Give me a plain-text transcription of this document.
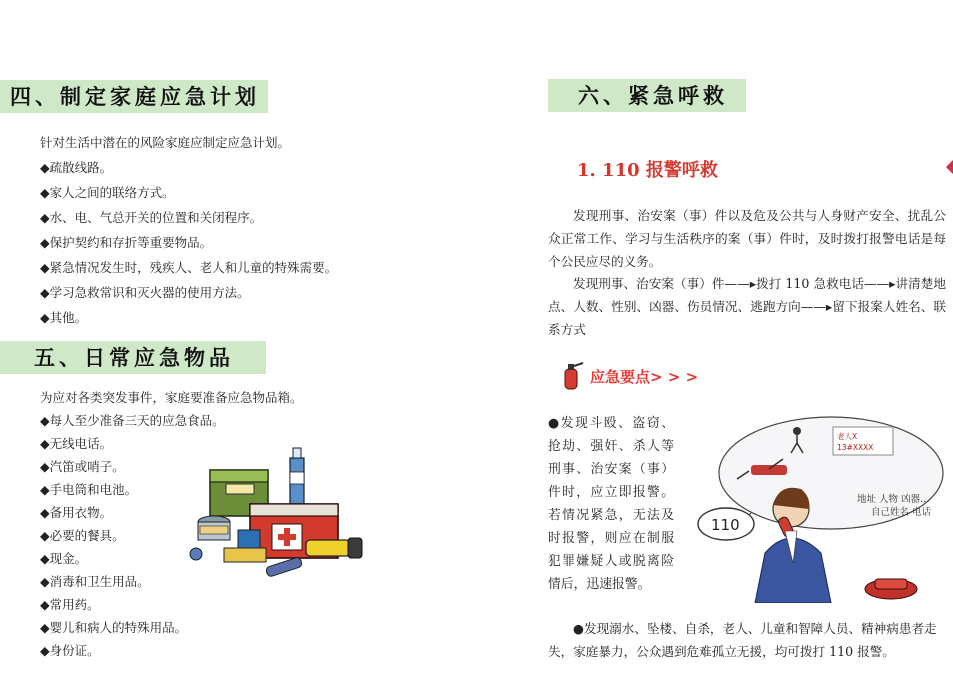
四、制定家庭应急计划
针对生活中潜在的风险家庭应制定应急计划。
◆疏散线路。
◆家人之间的联络方式。
◆水、电、气总开关的位置和关闭程序。
◆保护契约和存折等重要物品。
◆紧急情况发生时，残疾人、老人和儿童的特殊需要。
◆学习急救常识和灭火器的使用方法。
◆其他。
五、日常应急物品
为应对各类突发事件，家庭要准备应急物品箱。
◆每人至少准备三天的应急食品。
◆无线电话。
◆汽笛或哨子。
◆手电筒和电池。
◆备用衣物。
◆必要的餐具。
◆现金。
◆消毒和卫生用品。
◆常用药。
◆婴儿和病人的特殊用品。
◆身份证。
六、紧急呼救
1. 110 报警呼救
发现刑事、治安案（事）件以及危及公共与人身财产安全、扰乱公众正常工作、学习与生活秩序的案（事）件时，及时拨打报警电话是每个公民应尽的义务。
发现刑事、治安案（事）件——▸拨打 110 急救电话——▸讲清楚地点、人数、性别、凶器、伤员情况、逃跑方向——▸留下报案人姓名、联系方式
应急要点> > >
●发现斗殴、盗窃、抢劫、强奸、杀人等刑事、治安案（事）件时，应立即报警。若情况紧急，无法及时报警，则应在制服犯罪嫌疑人或脱离险情后，迅速报警。
110
老人X
13#XXXX
地址 人物 凶器…
自己姓名 电话
●发现溺水、坠楼、自杀，老人、儿童和智障人员、精神病患者走失，家庭暴力，公众遇到危难孤立无援，均可拨打 110 报警。
